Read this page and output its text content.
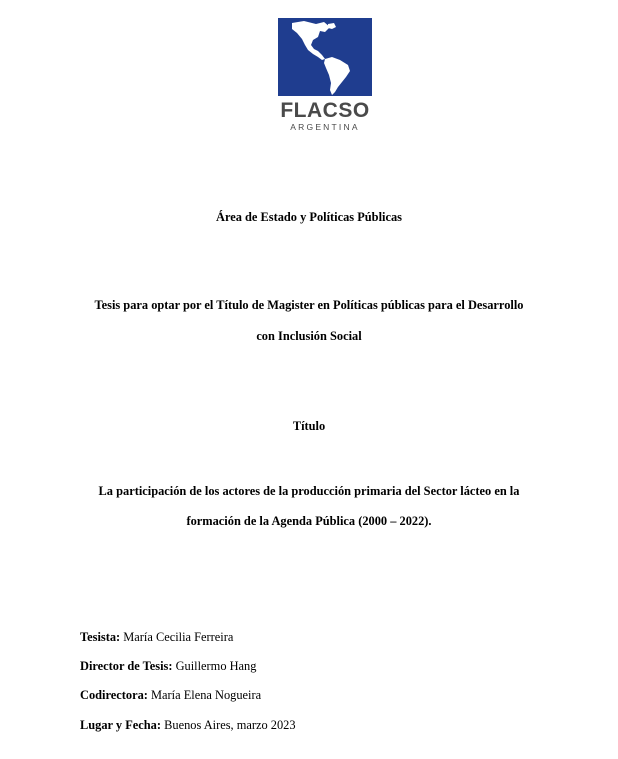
FLACSO
ARGENTINA
Área de Estado y Políticas Públicas
Tesis para optar por el Título de Magister en Políticas públicas para el Desarrollo
con Inclusión Social
Título
La participación de los actores de la producción primaria del Sector lácteo en la
formación de la Agenda Pública (2000 – 2022).
Tesista: María Cecilia Ferreira
Director de Tesis: Guillermo Hang
Codirectora: María Elena Nogueira
Lugar y Fecha: Buenos Aires, marzo 2023
